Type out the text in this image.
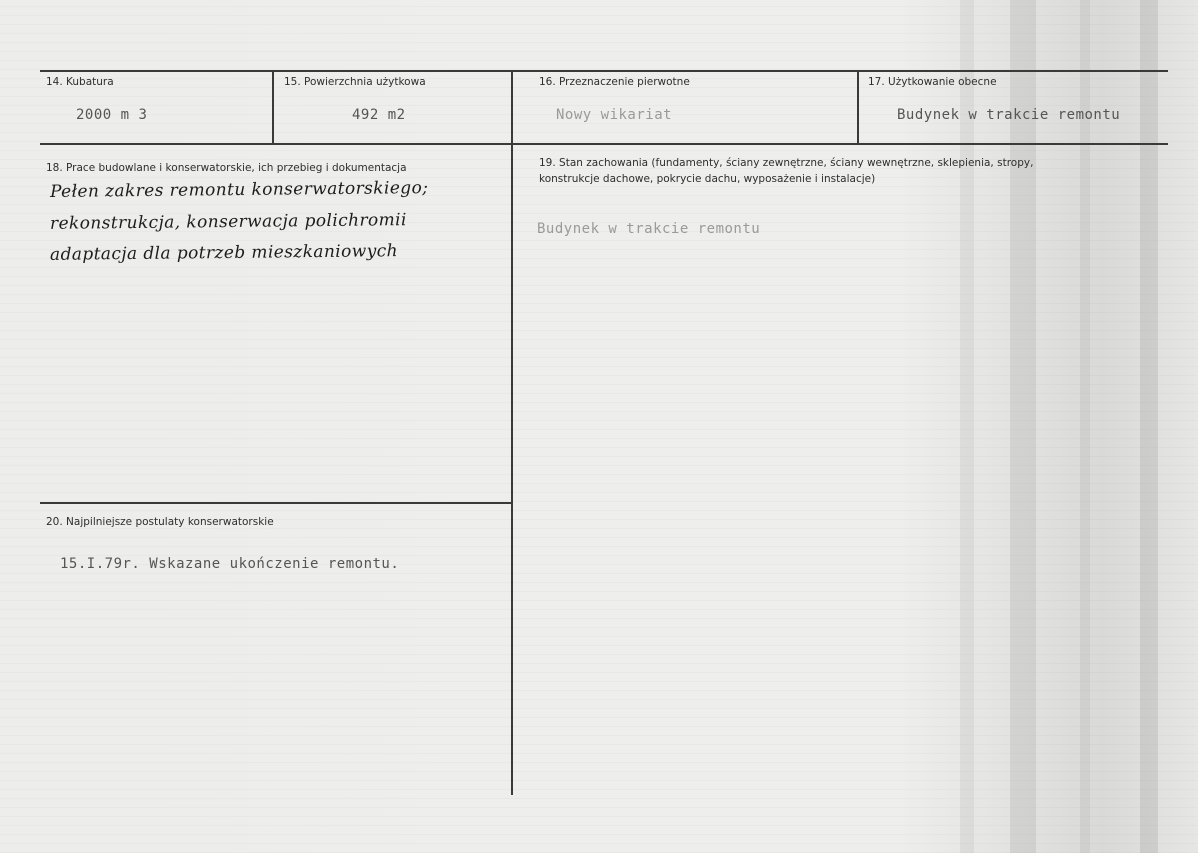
14. Kubatura
2000 m 3
15. Powierzchnia użytkowa
492 m2
16. Przeznaczenie pierwotne
Nowy wikariat
17. Użytkowanie obecne
Budynek w trakcie remontu
18. Prace budowlane i konserwatorskie, ich przebieg i dokumentacja
Pełen zakres remontu konserwatorskiego;
rekonstrukcja, konserwacja polichromii
adaptacja dla potrzeb mieszkaniowych
19. Stan zachowania (fundamenty, ściany zewnętrzne, ściany wewnętrzne, sklepienia, stropy,
konstrukcje dachowe, pokrycie dachu, wyposażenie i instalacje)
Budynek w trakcie remontu
20. Najpilniejsze postulaty konserwatorskie
15.I.79r. Wskazane ukończenie remontu.
